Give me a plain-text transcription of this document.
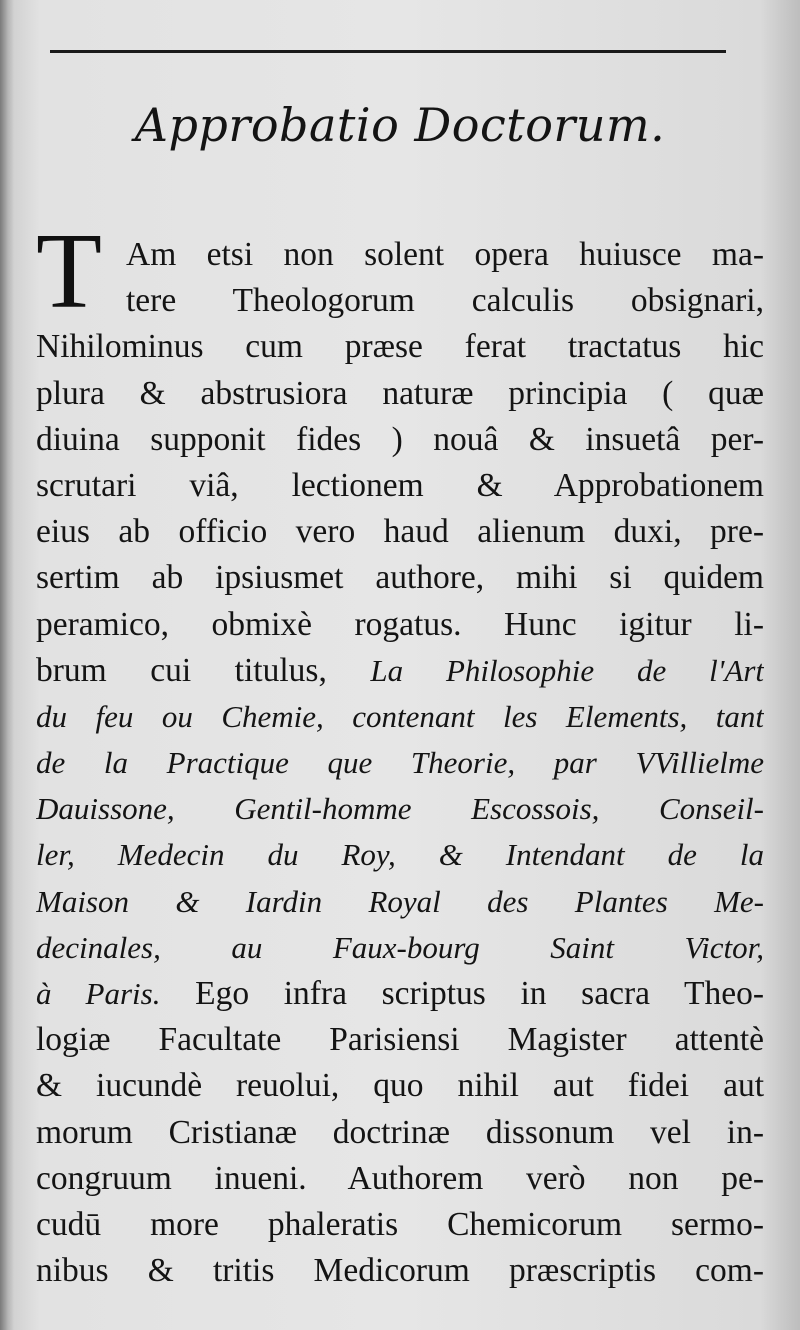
Approbatio Doctorum.
T Am etsi non solent opera huiusce ma-
tere Theologorum calculis obsignari,
Nihilominus cum præse ferat tractatus hic
plura & abstrusiora naturæ principia ( quæ
diuina supponit fides ) nouâ & insuetâ per-
scrutari viâ, lectionem & Approbationem
eius ab officio vero haud alienum duxi, pre-
sertim ab ipsiusmet authore, mihi si quidem
peramico, obmixè rogatus. Hunc igitur li-
brum cui titulus, La Philosophie de l'Art
du feu ou Chemie, contenant les Elements, tant
de la Practique que Theorie, par VVillielme
Dauissone, Gentil-homme Escossois, Conseil-
ler, Medecin du Roy, & Intendant de la
Maison & Iardin Royal des Plantes Me-
decinales, au Faux-bourg Saint Victor,
à Paris. Ego infra scriptus in sacra Theo-
logiæ Facultate Parisiensi Magister attentè
& iucundè reuolui, quo nihil aut fidei aut
morum Cristianæ doctrinæ dissonum vel in-
congruum inueni. Authorem verò non pe-
cudū more phaleratis Chemicorum sermo-
nibus & tritis Medicorum præscriptis com-
